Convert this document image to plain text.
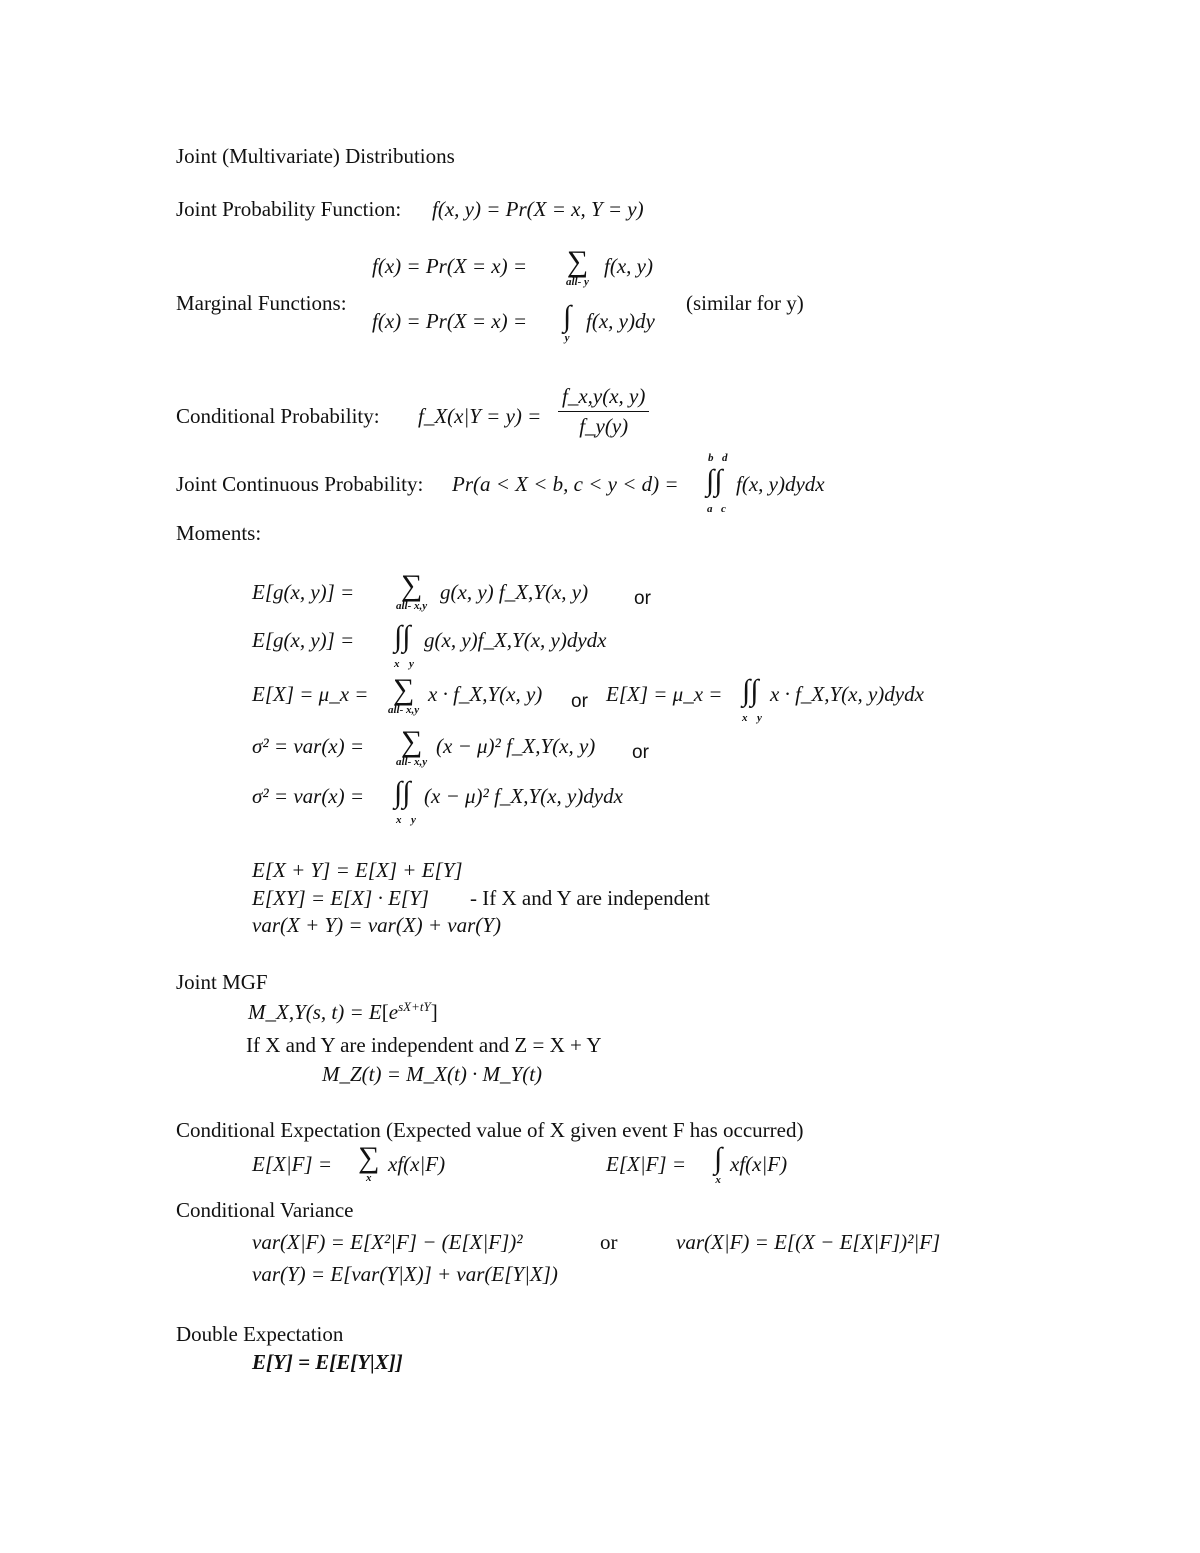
Joint (Multivariate) Distributions
Joint Probability Function: f(x, y) = Pr(X = x, Y = y)
Marginal Functions:
f(x) = Pr(X = x) = ∑
all- y
f(x, y)
f(x) = Pr(X = x) = ∫
y
f(x, y)dy
(similar for y)
Conditional Probability: f_X(x|Y = $y) = \frac{f\_x,y(x, y)}{f\_y(y)}$
Joint Continuous Probability: Pr(a < X < b, c < y < d) =
b d
∫∫
a c
f(x, y)dydx
Moments:
E[g(x, y)] = ∑
all- x,y
g(x, y) f_X,Y(x, y) or
E[g(x, y)] = ∫∫
x y
g(x, y)f_X,Y(x, y)dydx
E[X] = μ_x = ∑
all- x,y
x · f_X,Y(x, y) or E[X] = μ_x = ∫∫
x y
x · f_X,Y(x, y)dydx
σ² = var(x) = ∑
all- x,y
(x − μ)² f_X,Y(x, y) or
σ² = var(x) = ∫∫
x y
(x − μ)² f_X,Y(x, y)dydx
E[X + Y] = E[X] + E[Y]
E[XY] = E[X] · E[Y] - If X and Y are independent
var(X + Y) = var(X) + var(Y)
Joint MGF
M_X,Y(s, $t) = E[e^{sX+tY}]$
If X and Y are independent and Z = X + Y
M_Z(t) = M_X(t) · M_Y(t)
Conditional Expectation (Expected value of X given event F has occurred)
E[X|F] = ∑
x
xf(x|F)	E[X|F] = ∫
x
xf(x|F)
Conditional Variance
var(X|F) = E[X²|F] − (E[X|F])²	or	var(X|F) = E[(X − E[X|F])²|F]
var(Y) = E[var(Y|X)] + var(E[Y|X])
Double Expectation
E[Y] = E[E[Y|X]]
